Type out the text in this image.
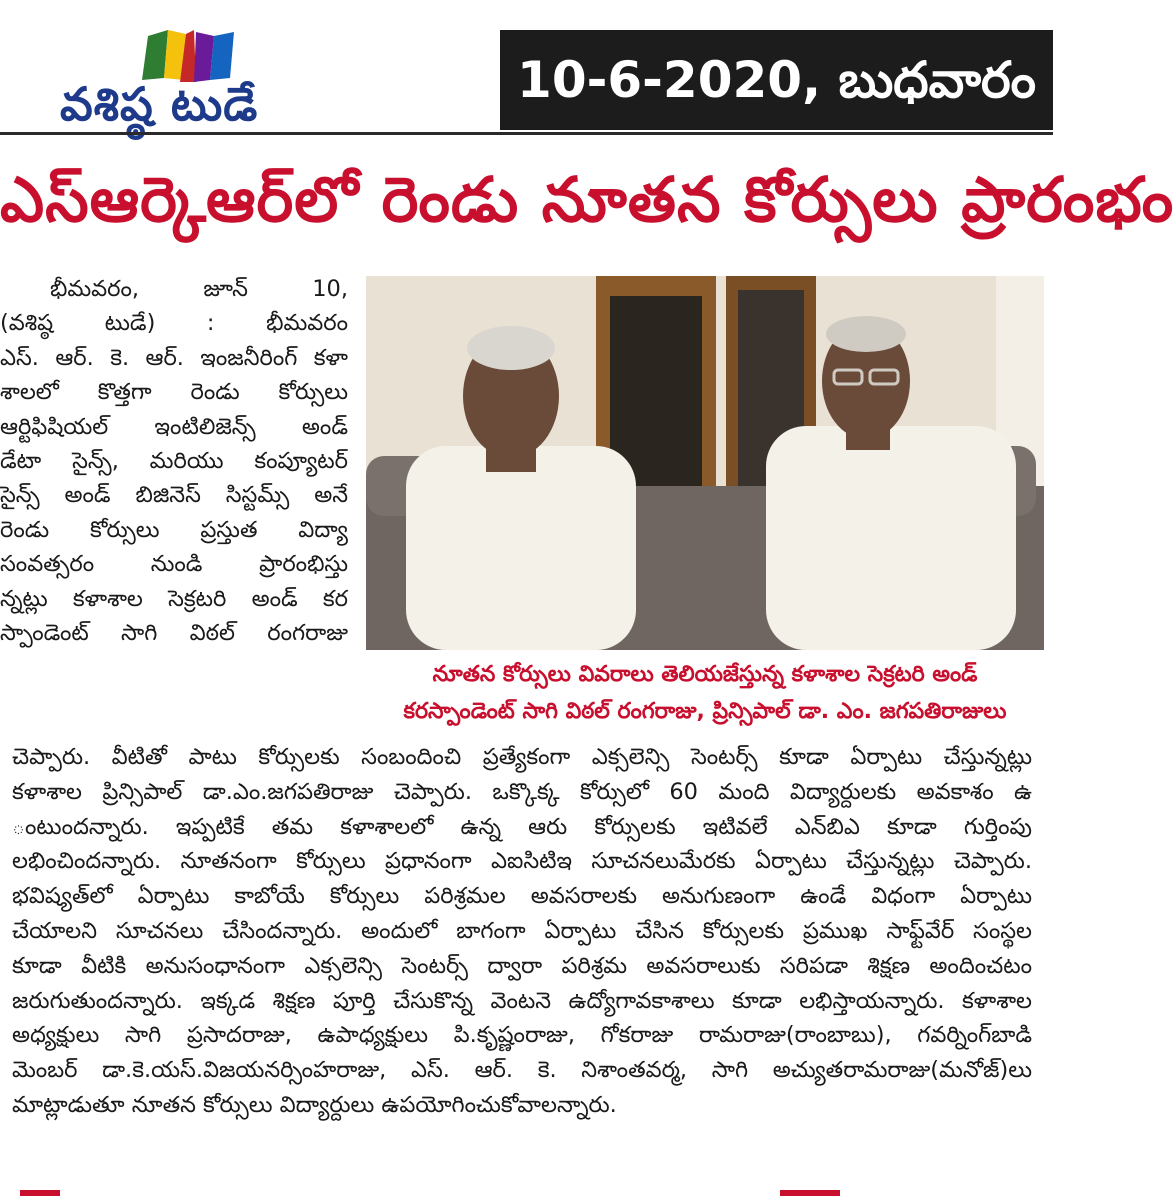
వశిష్ఠ టుడే	10-6-2020, బుధవారం
ఎస్ఆర్కెఆర్‌లో రెండు నూతన కోర్సులు ప్రారంభం
భీమవరం, జూన్ 10,
(వశిష్ఠ టుడే) : భీమవరం
ఎస్. ఆర్. కె. ఆర్. ఇంజనీరింగ్ కళా
శాలలో కొత్తగా రెండు కోర్సులు
ఆర్టిఫిషియల్ ఇంటిలిజెన్స్ అండ్
డేటా సైన్స్, మరియు కంప్యూటర్
సైన్స్ అండ్ బిజినెస్ సిస్టమ్స్ అనే
రెండు కోర్సులు ప్రస్తుత విద్యా
సంవత్సరం నుండి ప్రారంభిస్తు
న్నట్లు కళాశాల సెక్రటరి అండ్ కర
స్పాండెంట్ సాగి విఠల్ రంగరాజు
నూతన కోర్సులు వివరాలు తెలియజేస్తున్న కళాశాల సెక్రటరి అండ్
కరస్పాండెంట్ సాగి విఠల్ రంగరాజు, ప్రిన్సిపాల్ డా. ఎం. జగపతిరాజులు
చెప్పారు. వీటితో పాటు కోర్సులకు సంబందించి ప్రత్యేకంగా ఎక్సలెన్సి సెంటర్స్ కూడా ఏర్పాటు చేస్తున్నట్లు
కళాశాల ప్రిన్సిపాల్ డా.ఎం.జగపతిరాజు చెప్పారు. ఒక్కొక్క కోర్సులో 60 మంది విద్యార్దులకు అవకాశం ఉ
ంటుందన్నారు. ఇప్పటికే తమ కళాశాలలో ఉన్న ఆరు కోర్సులకు ఇటివలే ఎన్‌బిఎ కూడా గుర్తింపు
లభించిందన్నారు. నూతనంగా కోర్సులు ప్రధానంగా ఎఐసిటిఇ సూచనలుమేరకు ఏర్పాటు చేస్తున్నట్లు చెప్పారు.
భవిష్యత్‌లో ఏర్పాటు కాబోయే కోర్సులు పరిశ్రమల అవసరాలకు అనుగుణంగా ఉండే విధంగా ఏర్పాటు
చేయాలని సూచనలు చేసిందన్నారు. అందులో బాగంగా ఏర్పాటు చేసిన కోర్సులకు ప్రముఖ సాఫ్ట్‌వేర్ సంస్థల
కూడా వీటికి అనుసంధానంగా ఎక్సలెన్సి సెంటర్స్ ద్వారా పరిశ్రమ అవసరాలుకు సరిపడా శిక్షణ అందించటం
జరుగుతుందన్నారు. ఇక్కడ శిక్షణ పూర్తి చేసుకొన్న వెంటనె ఉద్యోగావకాశాలు కూడా లభిస్తాయన్నారు. కళాశాల
అధ్యక్షులు సాగి ప్రసాదరాజు, ఉపాధ్యక్షులు పి.కృష్ణంరాజు, గోకరాజు రామరాజు(రాంబాబు), గవర్నింగ్‌బాడి
మెంబర్ డా.కె.యస్.విజయనర్సింహరాజు, ఎస్. ఆర్. కె. నిశాంతవర్మ, సాగి అచ్యుతరామరాజు(మనోజ్)లు
మాట్లాడుతూ నూతన కోర్సులు విద్యార్దులు ఉపయోగించుకోవాలన్నారు.
